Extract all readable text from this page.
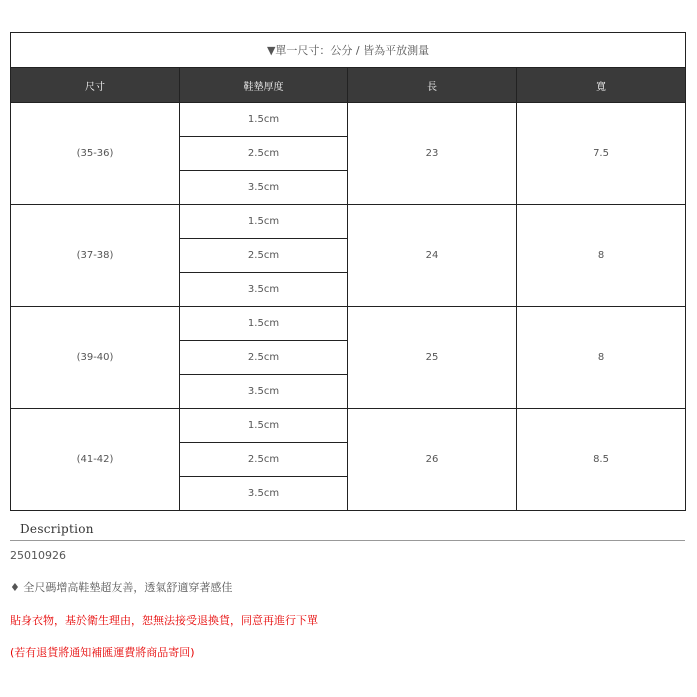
▼單一尺寸：公分 / 皆為平放測量			
尺寸	鞋墊厚度	長	寬
(35-36)	1.5cm	23	7.5
	2.5cm		
	3.5cm		
(37-38)	1.5cm	24	8
	2.5cm		
	3.5cm		
(39-40)	1.5cm	25	8
	2.5cm		
	3.5cm		
(41-42)	1.5cm	26	8.5
	2.5cm		
	3.5cm		
Description
25010926
♦ 全尺碼增高鞋墊超友善，透氣舒適穿著感佳
貼身衣物，基於衛生理由，恕無法接受退換貨，同意再進行下單
(若有退貨將通知補匯運費將商品寄回)
